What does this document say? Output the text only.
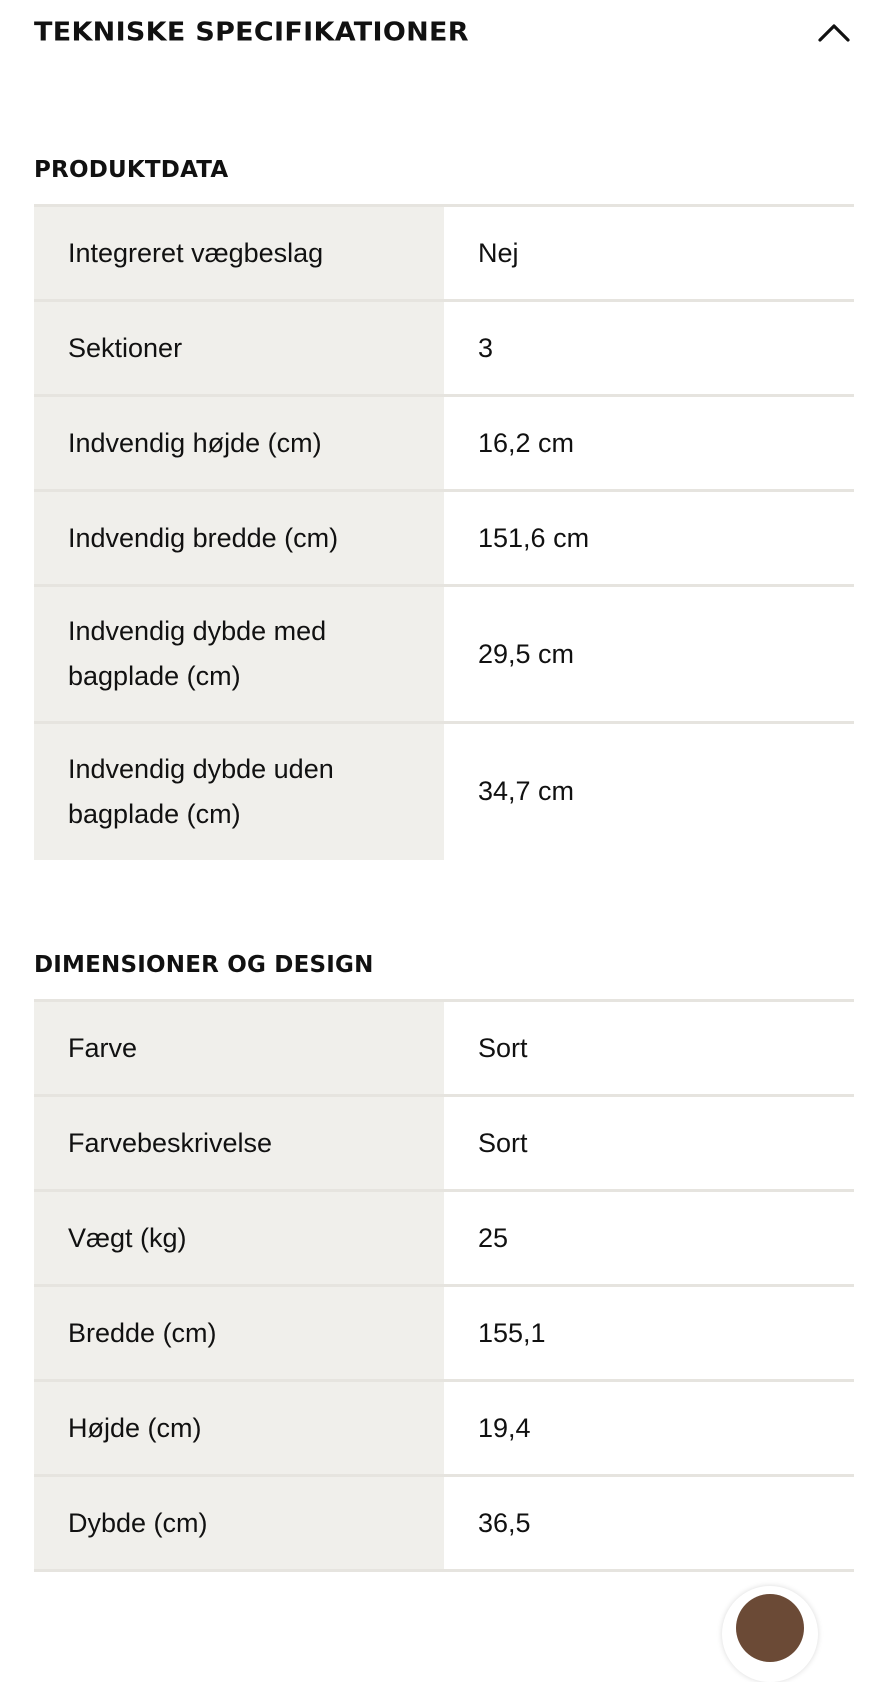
TEKNISKE SPECIFIKATIONER
PRODUKTDATA
Integreret vægbeslag	Nej
Sektioner	3
Indvendig højde (cm)	16,2 cm
Indvendig bredde (cm)	151,6 cm
Indvendig dybde med bagplade (cm)	29,5 cm
Indvendig dybde uden bagplade (cm)	34,7 cm
DIMENSIONER OG DESIGN
Farve	Sort
Farvebeskrivelse	Sort
Vægt (kg)	25
Bredde (cm)	155,1
Højde (cm)	19,4
Dybde (cm)	36,5
